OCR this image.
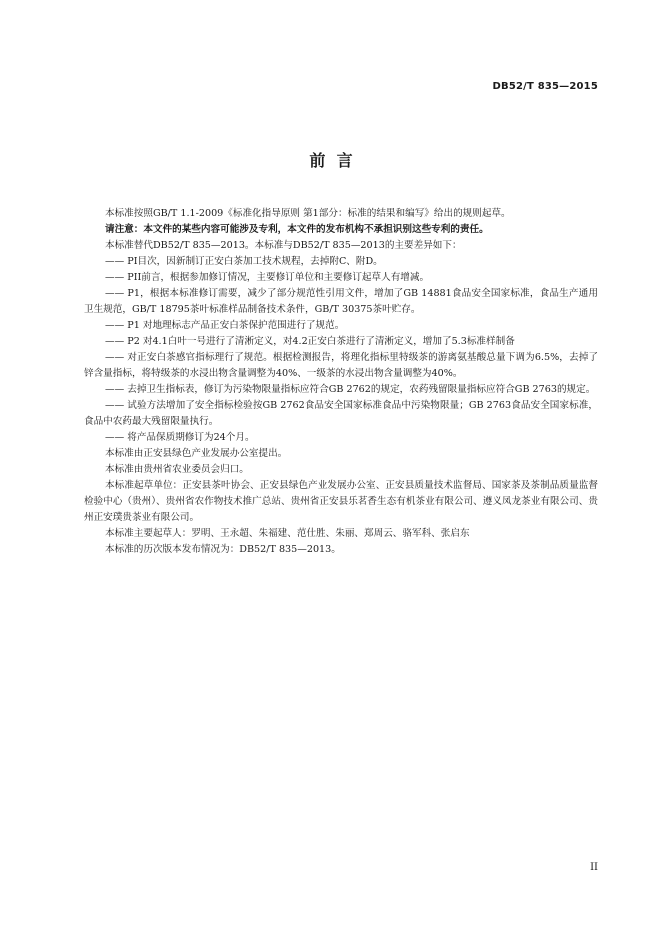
DB52/T 835—2015
前  言

本标准按照GB/T 1.1-2009《标准化指导原则 第1部分：标准的结果和编写》给出的规则起草。

请注意：本文件的某些内容可能涉及专利，本文件的发布机构不承担识别这些专利的责任。

本标准替代DB52/T 835—2013。本标准与DB52/T 835—2013的主要差异如下：

—— PI目次，因新制订正安白茶加工技术规程，去掉附C、附D。

—— PII前言，根据参加修订情况，主要修订单位和主要修订起草人有增减。

—— P1，根据本标准修订需要，减少了部分规范性引用文件，增加了GB 14881食品安全国家标准，食品生产通用卫生规范，GB/T 18795茶叶标准样品制备技术条件，GB/T 30375茶叶贮存。

—— P1 对地理标志产品正安白茶保护范围进行了规范。

—— P2 对4.1白叶一号进行了清淅定义，对4.2正安白茶进行了清淅定义，增加了5.3标准样制备

—— 对正安白茶感官指标理行了规范。根据检测报告，将理化指标里特级茶的游离氨基酸总量下调为6.5%，去掉了锌含量指标，将特级茶的水浸出物含量调整为40%、一级茶的水浸出物含量调整为40%。

—— 去掉卫生指标表，修订为污染物限量指标应符合GB 2762的规定，农药残留限量指标应符合GB 2763的规定。

—— 试验方法增加了安全指标检验按GB 2762食品安全国家标准食品中污染物限量；GB 2763食品安全国家标准，食品中农药最大残留限量执行。

—— 将产品保质期修订为24个月。

本标准由正安县绿色产业发展办公室提出。

本标准由贵州省农业委员会归口。

本标准起草单位：正安县茶叶协会、正安县绿色产业发展办公室、正安县质量技术监督局、国家茶及茶制品质量监督检验中心（贵州）、贵州省农作物技术推广总站、贵州省正安县乐茗香生态有机茶业有限公司、遵义凤龙茶业有限公司、贵州正安璞贵茶业有限公司。

本标准主要起草人：罗明、王永超、朱福建、范仕胜、朱丽、郑周云、骆军科、张启东

本标准的历次版本发布情况为：DB52/T 835—2013。

II
